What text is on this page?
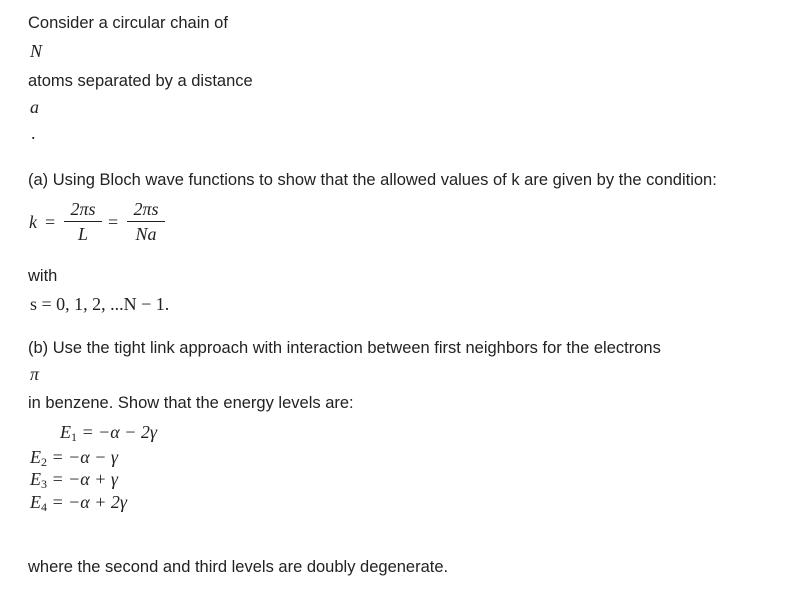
Consider a circular chain of
N
atoms separated by a distance
a
.
(a) Using Bloch wave functions to show that the allowed values of k are given by the condition:
k =
2πs
L
=
2πs
Na
with
s = 0, 1, 2, ...N − 1.
(b) Use the tight link approach with interaction between first neighbors for the electrons
π
in benzene. Show that the energy levels are:
$E_1 = -\alpha - 2\gamma$
$E_2 = -\alpha - \gamma$
$E_3 = -\alpha + \gamma$
$E_4 = -\alpha + 2\gamma$
where the second and third levels are doubly degenerate.
